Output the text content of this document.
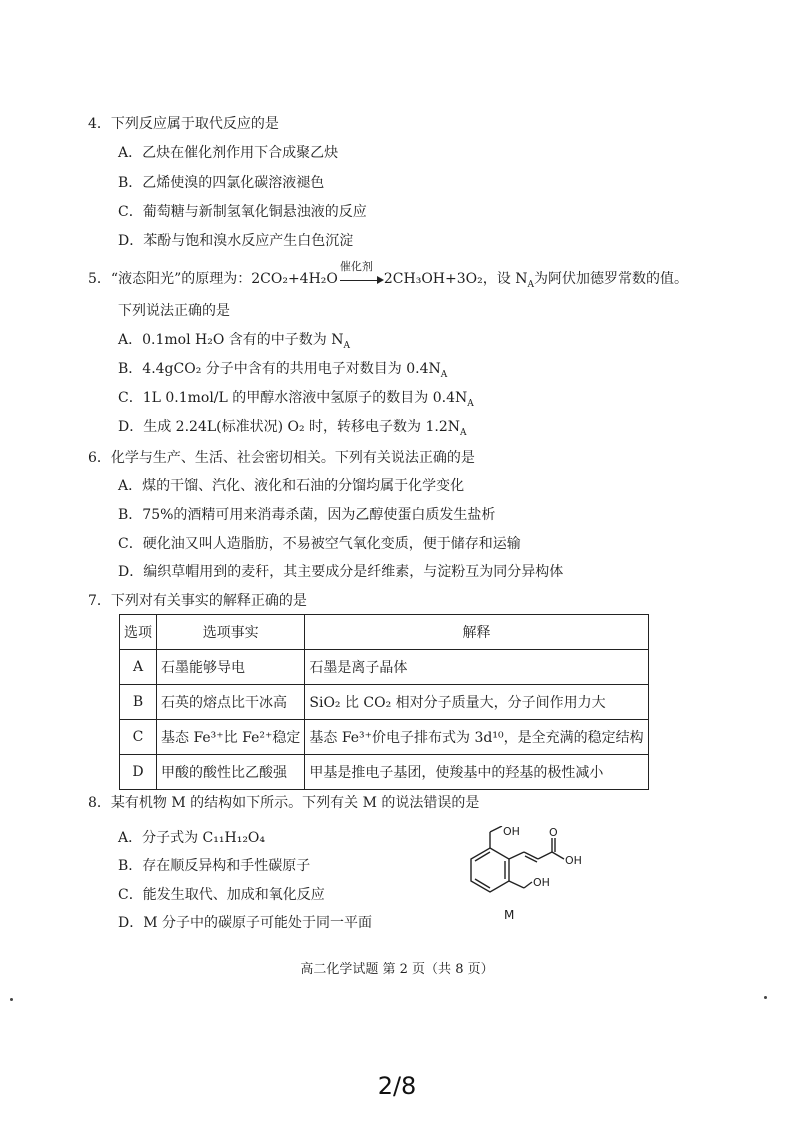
4．下列反应属于取代反应的是
A．乙炔在催化剂作用下合成聚乙炔
B．乙烯使溴的四氯化碳溶液褪色
C．葡萄糖与新制氢氧化铜悬浊液的反应
D．苯酚与饱和溴水反应产生白色沉淀
5．“液态阳光”的原理为：2CO₂+4H₂O
催化剂
2CH₃OH+3O₂，设 $N_A$为阿伏加德罗常数的值。
下列说法正确的是
A．0.1mol H₂O 含有的中子数为 $N_A$
B．4.4gCO₂ 分子中含有的共用电子对数目为 $0.4N_A$
C．1L 0.1mol/L 的甲醇水溶液中氢原子的数目为 $0.4N_A$
D．生成 2.24L(标准状况) O₂ 时，转移电子数为 $1.2N_A$
6．化学与生产、生活、社会密切相关。下列有关说法正确的是
A．煤的干馏、汽化、液化和石油的分馏均属于化学变化
B．75%的酒精可用来消毒杀菌，因为乙醇使蛋白质发生盐析
C．硬化油又叫人造脂肪，不易被空气氧化变质，便于储存和运输
D．编织草帽用到的麦秆，其主要成分是纤维素，与淀粉互为同分异构体
7．下列对有关事实的解释正确的是
选项	选项事实	解释
A	石墨能够导电	石墨是离子晶体
B	石英的熔点比干冰高	SiO₂ 比 CO₂ 相对分子质量大，分子间作用力大
C	基态 Fe³⁺比 Fe²⁺稳定	基态 Fe³⁺价电子排布式为 3d¹⁰，是全充满的稳定结构
D	甲酸的酸性比乙酸强	甲基是推电子基团，使羧基中的羟基的极性减小
8．某有机物 M 的结构如下所示。下列有关 M 的说法错误的是
A．分子式为 C₁₁H₁₂O₄
B．存在顺反异构和手性碳原子
C．能发生取代、加成和氧化反应
D．M 分子中的碳原子可能处于同一平面
OH	O
OH
OH
M
高二化学试题 第 2 页（共 8 页）
2/8
